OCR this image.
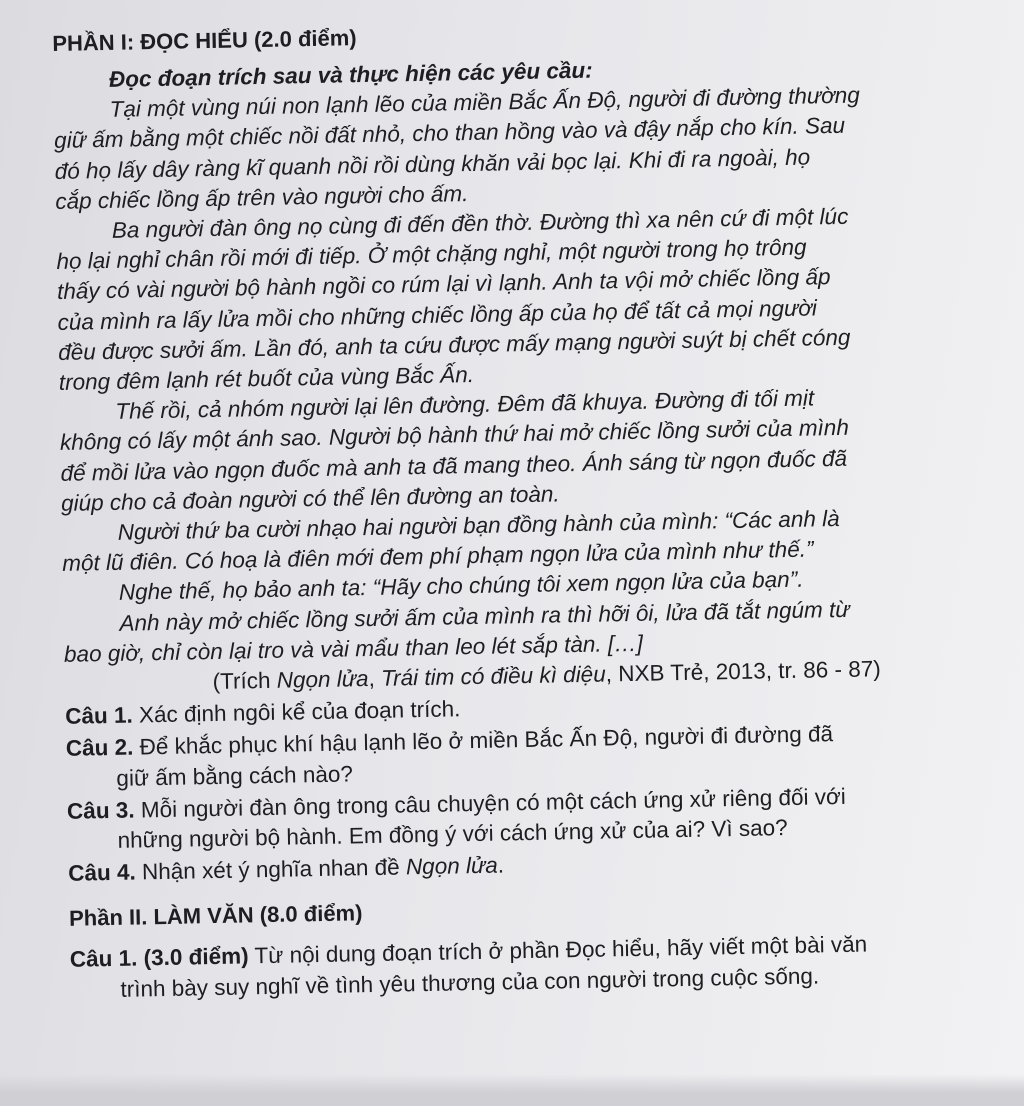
PHẦN I: ĐỌC HIỂU (2.0 điểm)
Đọc đoạn trích sau và thực hiện các yêu cầu:
Tại một vùng núi non lạnh lẽo của miền Bắc Ấn Độ, người đi đường thường
giữ ấm bằng một chiếc nồi đất nhỏ, cho than hồng vào và đậy nắp cho kín. Sau
đó họ lấy dây ràng kĩ quanh nồi rồi dùng khăn vải bọc lại. Khi đi ra ngoài, họ
cắp chiếc lồng ấp trên vào người cho ấm.
Ba người đàn ông nọ cùng đi đến đền thờ. Đường thì xa nên cứ đi một lúc
họ lại nghỉ chân rồi mới đi tiếp. Ở một chặng nghỉ, một người trong họ trông
thấy có vài người bộ hành ngồi co rúm lại vì lạnh. Anh ta vội mở chiếc lồng ấp
của mình ra lấy lửa mồi cho những chiếc lồng ấp của họ để tất cả mọi người
đều được sưởi ấm. Lần đó, anh ta cứu được mấy mạng người suýt bị chết cóng
trong đêm lạnh rét buốt của vùng Bắc Ấn.
Thế rồi, cả nhóm người lại lên đường. Đêm đã khuya. Đường đi tối mịt
không có lấy một ánh sao. Người bộ hành thứ hai mở chiếc lồng sưởi của mình
để mồi lửa vào ngọn đuốc mà anh ta đã mang theo. Ánh sáng từ ngọn đuốc đã
giúp cho cả đoàn người có thể lên đường an toàn.
Người thứ ba cười nhạo hai người bạn đồng hành của mình: “Các anh là
một lũ điên. Có hoạ là điên mới đem phí phạm ngọn lửa của mình như thế.”
Nghe thế, họ bảo anh ta: “Hãy cho chúng tôi xem ngọn lửa của bạn”.
Anh này mở chiếc lồng sưởi ấm của mình ra thì hỡi ôi, lửa đã tắt ngúm từ
bao giờ, chỉ còn lại tro và vài mẩu than leo lét sắp tàn. […]
(Trích Ngọn lửa, Trái tim có điều kì diệu, NXB Trẻ, 2013, tr. 86 - 87)
Câu 1. Xác định ngôi kể của đoạn trích.
Câu 2. Để khắc phục khí hậu lạnh lẽo ở miền Bắc Ấn Độ, người đi đường đã
giữ ấm bằng cách nào?
Câu 3. Mỗi người đàn ông trong câu chuyện có một cách ứng xử riêng đối với
những người bộ hành. Em đồng ý với cách ứng xử của ai? Vì sao?
Câu 4. Nhận xét ý nghĩa nhan đề Ngọn lửa.
Phần II. LÀM VĂN (8.0 điểm)
Câu 1. (3.0 điểm) Từ nội dung đoạn trích ở phần Đọc hiểu, hãy viết một bài văn
trình bày suy nghĩ về tình yêu thương của con người trong cuộc sống.
